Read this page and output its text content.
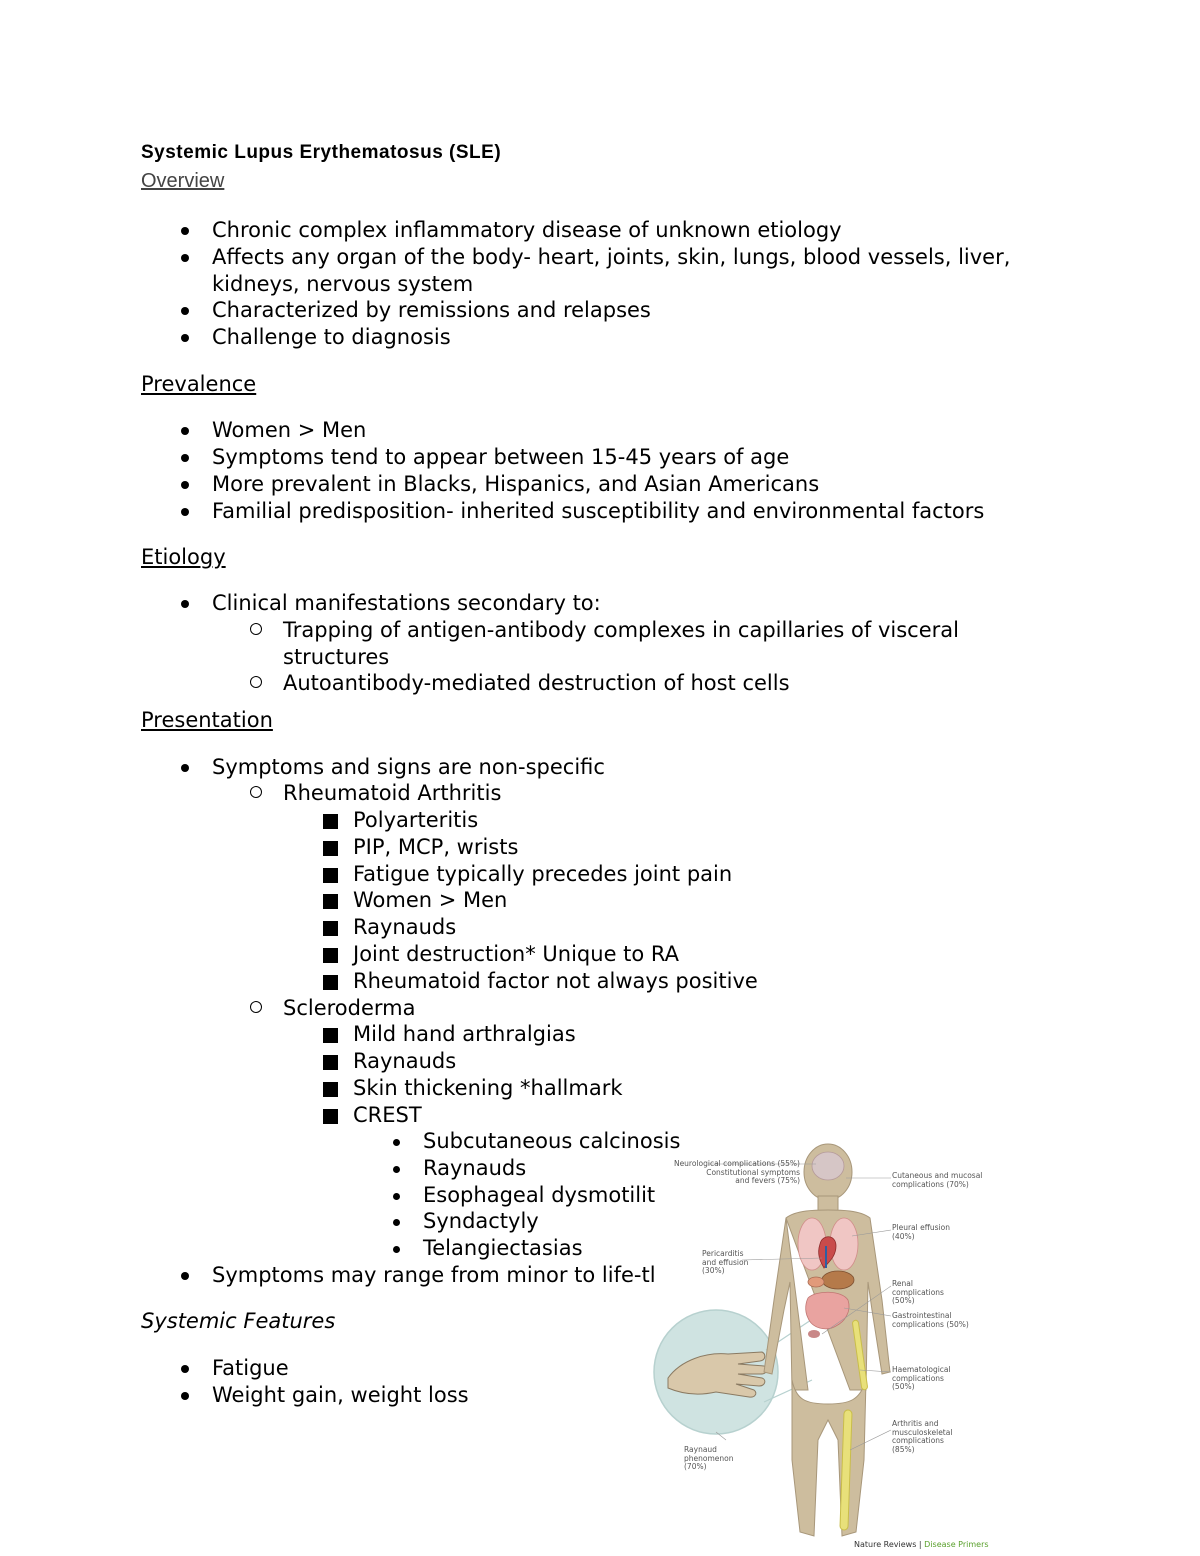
Systemic Lupus Erythematosus (SLE)
Overview
Chronic complex inflammatory disease of unknown etiology
Affects any organ of the body- heart, joints, skin, lungs, blood vessels, liver,
kidneys, nervous system
Characterized by remissions and relapses
Challenge to diagnosis
Prevalence
Women > Men
Symptoms tend to appear between 15-45 years of age
More prevalent in Blacks, Hispanics, and Asian Americans
Familial predisposition- inherited susceptibility and environmental factors
Etiology
Clinical manifestations secondary to:
Trapping of antigen-antibody complexes in capillaries of visceral
structures
Autoantibody-mediated destruction of host cells
Presentation
Symptoms and signs are non-specific
Rheumatoid Arthritis
Polyarteritis
PIP, MCP, wrists
Fatigue typically precedes joint pain
Women > Men
Raynauds
Joint destruction* Unique to RA
Rheumatoid factor not always positive
Scleroderma
Mild hand arthralgias
Raynauds
Skin thickening *hallmark
CREST
Subcutaneous calcinosis
Raynauds
Esophageal dysmotilit
Syndactyly
Telangiectasias
Symptoms may range from minor to life-tl
Systemic Features
Fatigue
Weight gain, weight loss
Neurological complications (55%)
Constitutional symptoms
and fevers (75%)
Cutaneous and mucosal
complications (70%)
Pleural effusion
(40%)
Pericarditis
and effusion
(30%)
Renal
complications
(50%)
Gastrointestinal
complications (50%)
Haematological
complications
(50%)
Arthritis and
musculoskeletal
complications
(85%)
Raynaud
phenomenon
(70%)
Nature Reviews | Disease Primers
